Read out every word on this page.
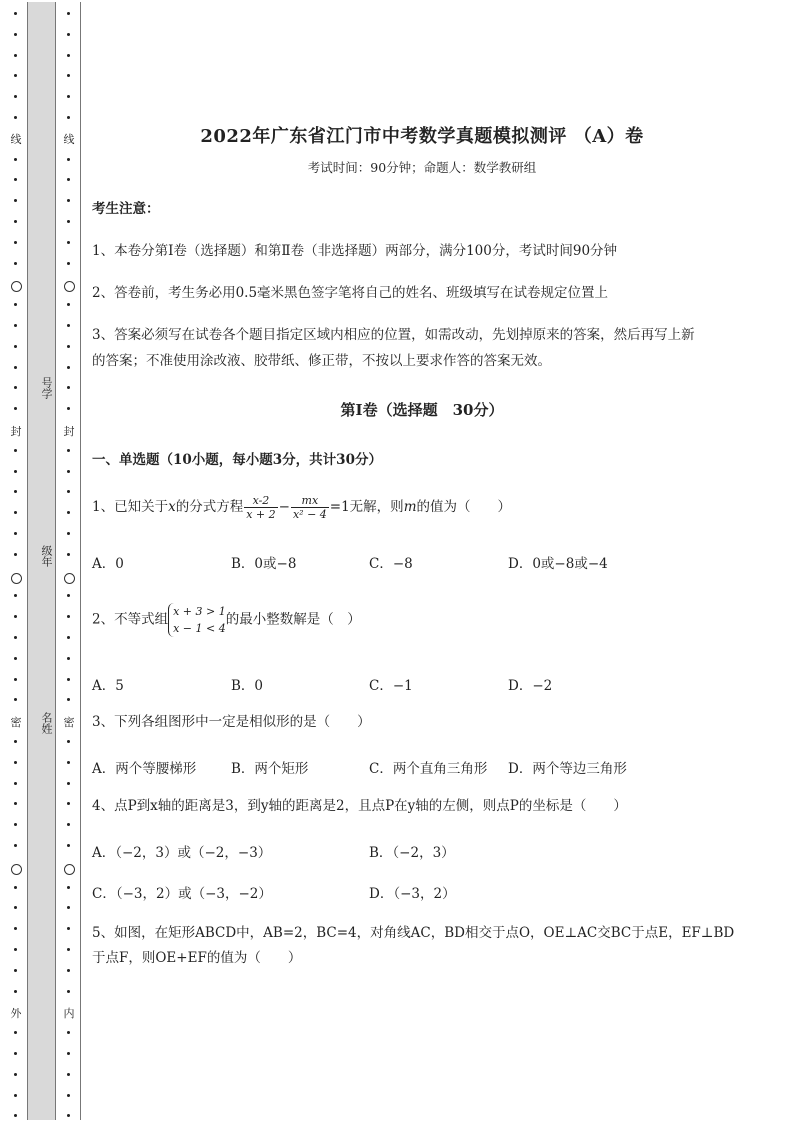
线
封
密
外
线
封
密
内
号学
级年
名姓
2022年广东省江门市中考数学真题模拟测评 （A）卷
考试时间：90分钟；命题人：数学教研组
考生注意：
1、本卷分第I卷（选择题）和第Ⅱ卷（非选择题）两部分，满分100分，考试时间90分钟
2、答卷前，考生务必用0.5毫米黑色签字笔将自己的姓名、班级填写在试卷规定位置上
3、答案必须写在试卷各个题目指定区域内相应的位置，如需改动，先划掉原来的答案，然后再写上新
的答案；不准使用涂改液、胶带纸、修正带，不按以上要求作答的答案无效。
第I卷（选择题　30分）
一、单选题（10小题，每小题3分，共计30分）
1、已知关于x的分式方程 $\frac{x-2}{x + 2} - \frac{mx}{\text{x² − 4}} =1$无解，则m的值为（　　）
A．0	B．0或−8	C．−8	D．0或−8或−4
2、不等式组 x + 3 > 1
x − 1 < 4
的最小整数解是（　）
A．5	B．0	C．−1	D．−2
3、下列各组图形中一定是相似形的是（　　）
A．两个等腰梯形	B．两个矩形	C．两个直角三角形 D．两个等边三角形
4、点P到x轴的距离是3，到y轴的距离是2，且点P在y轴的左侧，则点P的坐标是（　　）
A．（−2，3）或（−2，−3）	B．（−2，3）
C．（−3，2）或（−3，−2）	D．（−3，2）
5、如图，在矩形ABCD中，AB=2，BC=4，对角线AC，BD相交于点O，OE⊥AC交BC于点E，EF⊥BD
于点F，则OE+EF的值为（　　）
